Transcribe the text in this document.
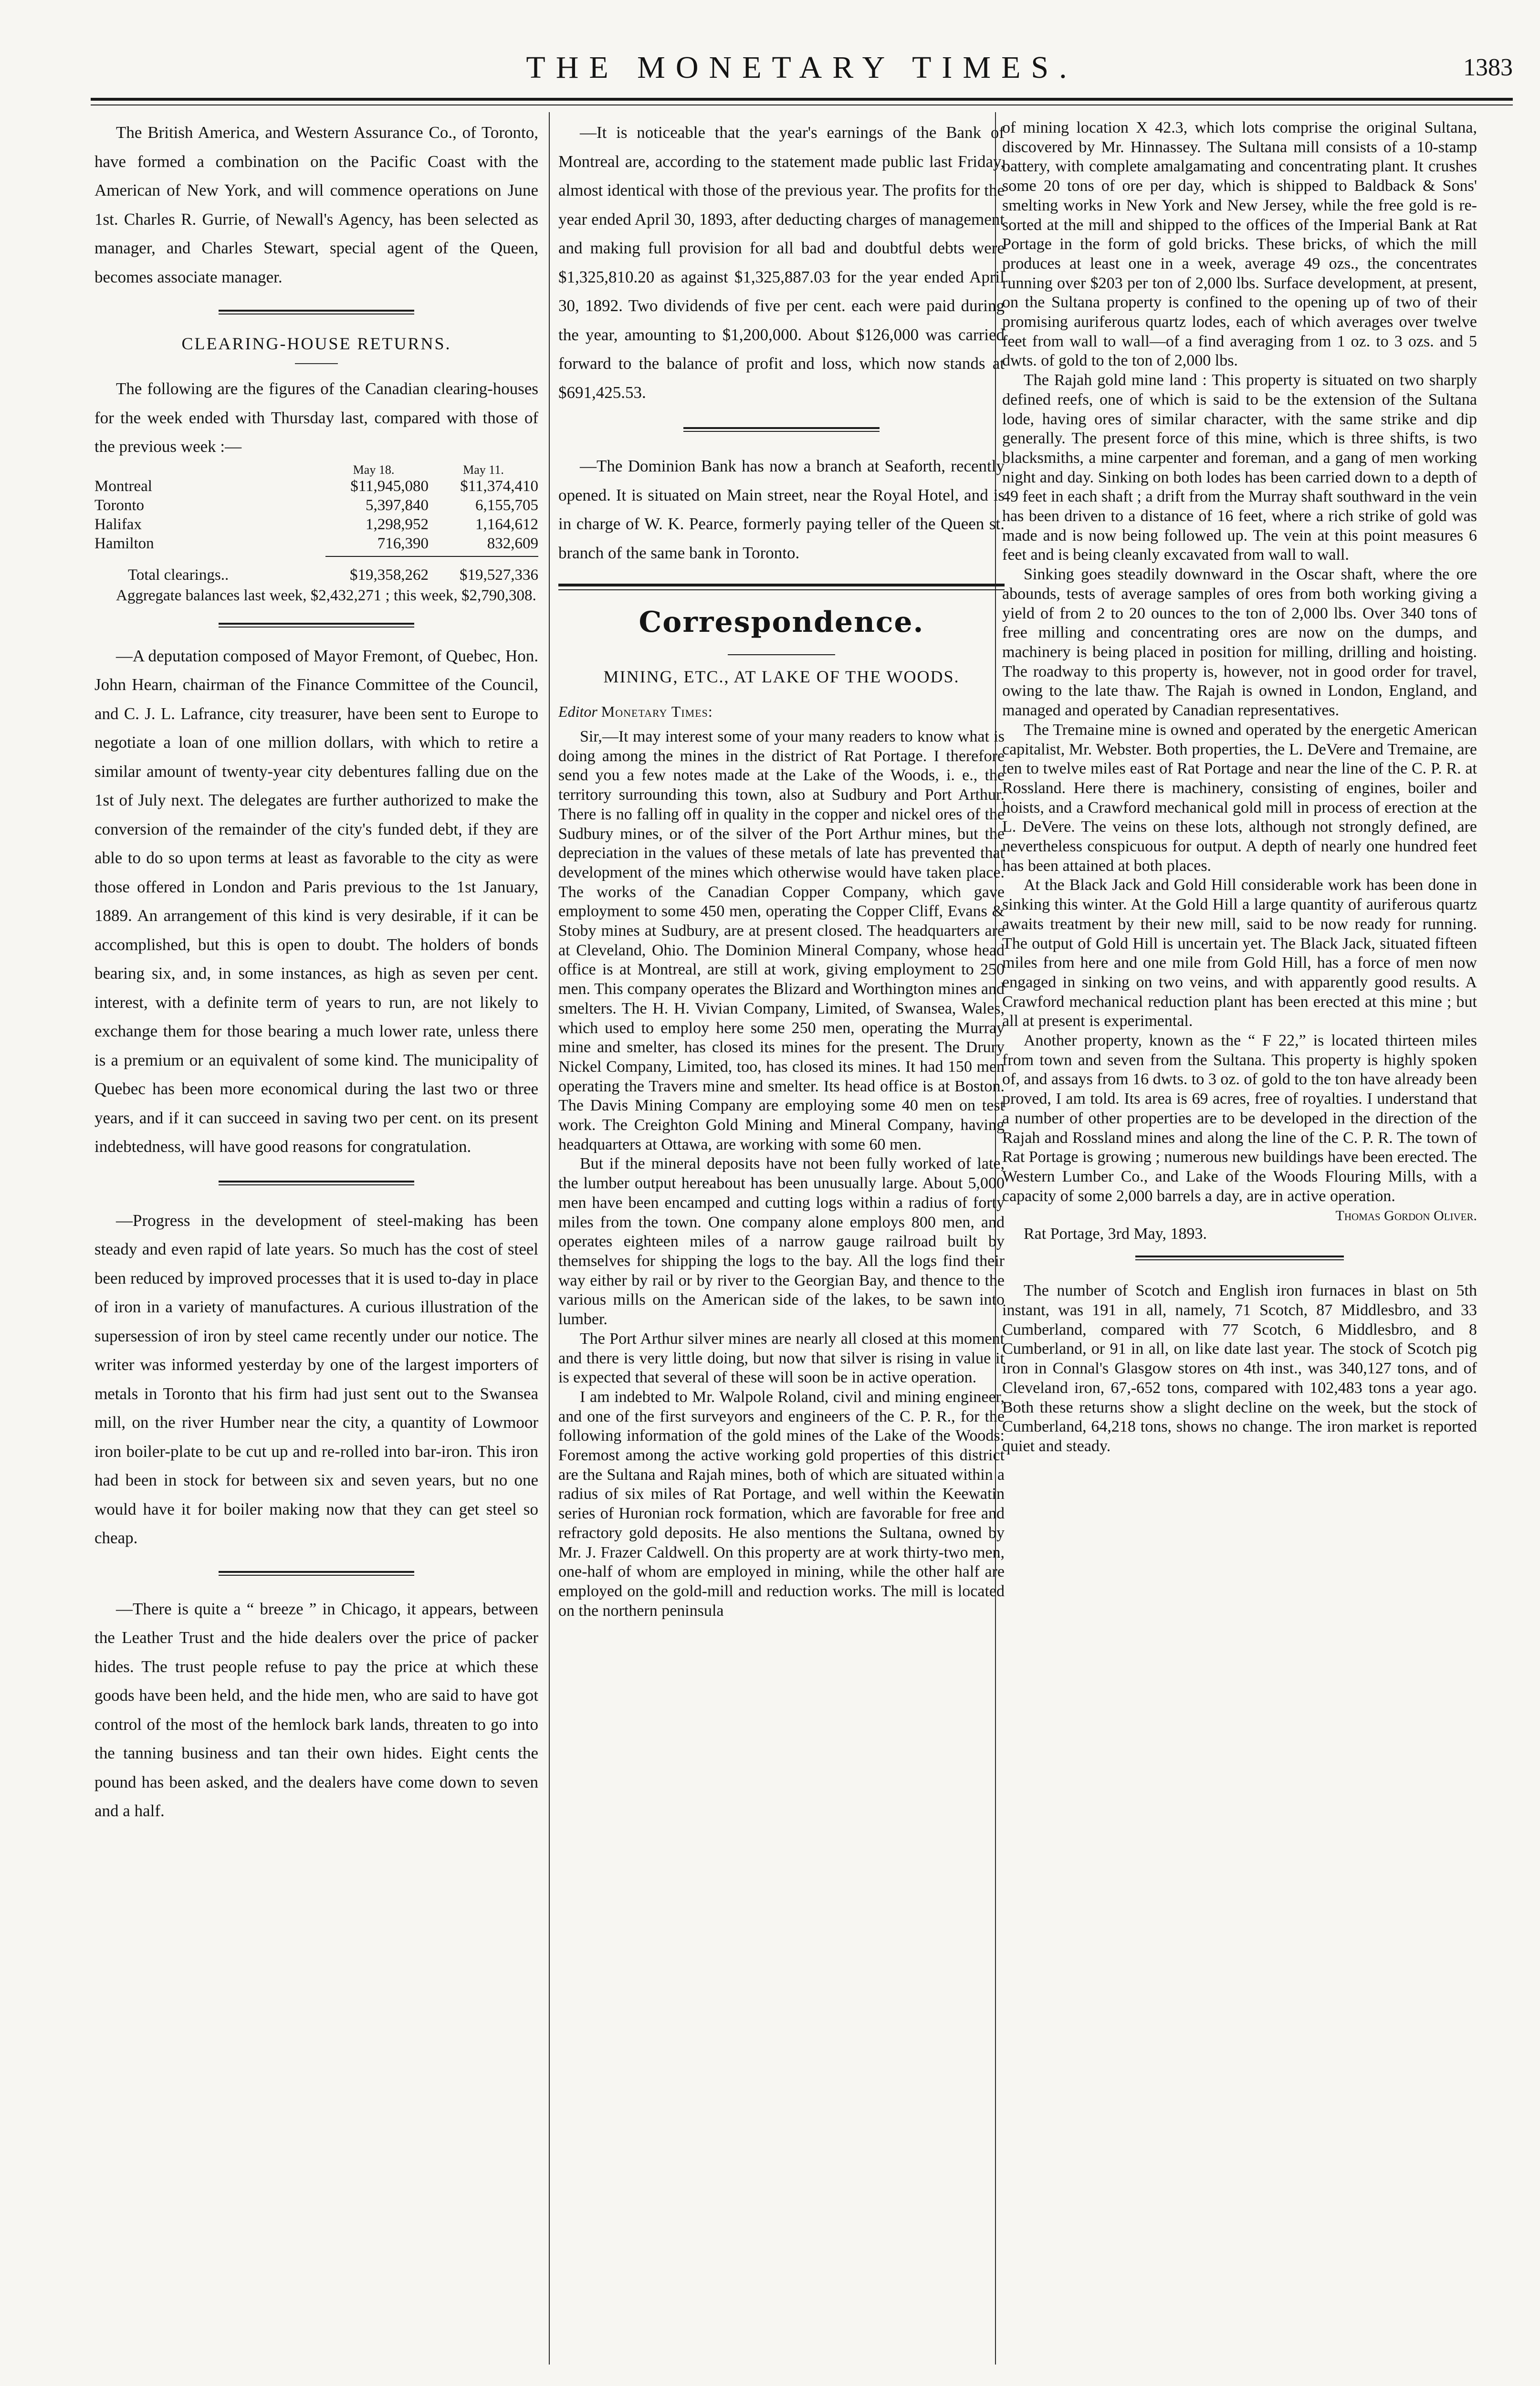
THE MONETARY TIMES.	1383

The British America, and Western Assurance Co., of Toronto, have formed a combination on the Pacific Coast with the American of New York, and will commence operations on June 1st. Charles R. Gurrie, of Newall's Agency, has been selected as manager, and Charles Stewart, special agent of the Queen, becomes associate manager.

CLEARING-HOUSE RETURNS.

The following are the figures of the Canadian clearing-houses for the week ended with Thursday last, compared with those of the previous week :—

May 18.	May 11.
Montreal	$11,945,080	$11,374,410
Toronto	5,397,840	6,155,705
Halifax	1,298,952	1,164,612
Hamilton	716,390	832,609
Total clearings..	$19,358,262	$19,527,336
Aggregate balances last week, $2,432,271 ; this week, $2,790,308.

—A deputation composed of Mayor Fremont, of Quebec, Hon. John Hearn, chairman of the Finance Committee of the Council, and C. J. L. Lafrance, city treasurer, have been sent to Europe to negotiate a loan of one million dollars, with which to retire a similar amount of twenty-year city debentures falling due on the 1st of July next. The delegates are further authorized to make the conversion of the remainder of the city's funded debt, if they are able to do so upon terms at least as favorable to the city as were those offered in London and Paris previous to the 1st January, 1889. An arrangement of this kind is very desirable, if it can be accomplished, but this is open to doubt. The holders of bonds bearing six, and, in some instances, as high as seven per cent. interest, with a definite term of years to run, are not likely to exchange them for those bearing a much lower rate, unless there is a premium or an equivalent of some kind. The municipality of Quebec has been more economical during the last two or three years, and if it can succeed in saving two per cent. on its present indebtedness, will have good reasons for congratulation.

—Progress in the development of steel-making has been steady and even rapid of late years. So much has the cost of steel been reduced by improved processes that it is used to-day in place of iron in a variety of manufactures. A curious illustration of the supersession of iron by steel came recently under our notice. The writer was informed yesterday by one of the largest importers of metals in Toronto that his firm had just sent out to the Swansea mill, on the river Humber near the city, a quantity of Lowmoor iron boiler-plate to be cut up and re-rolled into bar-iron. This iron had been in stock for between six and seven years, but no one would have it for boiler making now that they can get steel so cheap.

—There is quite a “ breeze ” in Chicago, it appears, between the Leather Trust and the hide dealers over the price of packer hides. The trust people refuse to pay the price at which these goods have been held, and the hide men, who are said to have got control of the most of the hemlock bark lands, threaten to go into the tanning business and tan their own hides. Eight cents the pound has been asked, and the dealers have come down to seven and a half.

—It is noticeable that the year's earnings of the Bank of Montreal are, according to the statement made public last Friday, almost identical with those of the previous year. The profits for the year ended April 30, 1893, after deducting charges of management and making full provision for all bad and doubtful debts were $1,325,810.20 as against $1,325,887.03 for the year ended April 30, 1892. Two dividends of five per cent. each were paid during the year, amounting to $1,200,000. About $126,000 was carried forward to the balance of profit and loss, which now stands at $691,425.53.

—The Dominion Bank has now a branch at Seaforth, recently opened. It is situated on Main street, near the Royal Hotel, and is in charge of W. K. Pearce, formerly paying teller of the Queen st. branch of the same bank in Toronto.

Correspondence.
MINING, ETC., AT LAKE OF THE WOODS.
Editor Monetary Times:

Sir,—It may interest some of your many readers to know what is doing among the mines in the district of Rat Portage. I therefore send you a few notes made at the Lake of the Woods, i. e., the territory surrounding this town, also at Sudbury and Port Arthur. There is no falling off in quality in the copper and nickel ores of the Sudbury mines, or of the silver of the Port Arthur mines, but the depreciation in the values of these metals of late has prevented that development of the mines which otherwise would have taken place. The works of the Canadian Copper Company, which gave employment to some 450 men, operating the Copper Cliff, Evans & Stoby mines at Sudbury, are at present closed. The headquarters are at Cleveland, Ohio. The Dominion Mineral Company, whose head office is at Montreal, are still at work, giving employment to 250 men. This company operates the Blizard and Worthington mines and smelters. The H. H. Vivian Company, Limited, of Swansea, Wales, which used to employ here some 250 men, operating the Murray mine and smelter, has closed its mines for the present. The Drury Nickel Company, Limited, too, has closed its mines. It had 150 men operating the Travers mine and smelter. Its head office is at Boston. The Davis Mining Company are employing some 40 men on test work. The Creighton Gold Mining and Mineral Company, having headquarters at Ottawa, are working with some 60 men.

But if the mineral deposits have not been fully worked of late, the lumber output hereabout has been unusually large. About 5,000 men have been encamped and cutting logs within a radius of forty miles from the town. One company alone employs 800 men, and operates eighteen miles of a narrow gauge railroad built by themselves for shipping the logs to the bay. All the logs find their way either by rail or by river to the Georgian Bay, and thence to the various mills on the American side of the lakes, to be sawn into lumber.

The Port Arthur silver mines are nearly all closed at this moment and there is very little doing, but now that silver is rising in value it is expected that several of these will soon be in active operation.

I am indebted to Mr. Walpole Roland, civil and mining engineer, and one of the first surveyors and engineers of the C. P. R., for the following information of the gold mines of the Lake of the Woods: Foremost among the active working gold properties of this district are the Sultana and Rajah mines, both of which are situated within a radius of six miles of Rat Portage, and well within the Keewatin series of Huronian rock formation, which are favorable for free and refractory gold deposits. He also mentions the Sultana, owned by Mr. J. Frazer Caldwell. On this property are at work thirty-two men, one-half of whom are employed in mining, while the other half are employed on the gold-mill and reduction works. The mill is located on the northern peninsula

of mining location X 42.3, which lots comprise the original Sultana, discovered by Mr. Hinnassey. The Sultana mill consists of a 10-stamp battery, with complete amalgamating and concentrating plant. It crushes some 20 tons of ore per day, which is shipped to Baldback & Sons' smelting works in New York and New Jersey, while the free gold is re-sorted at the mill and shipped to the offices of the Imperial Bank at Rat Portage in the form of gold bricks. These bricks, of which the mill produces at least one in a week, average 49 ozs., the concentrates running over $203 per ton of 2,000 lbs. Surface development, at present, on the Sultana property is confined to the opening up of two of their promising auriferous quartz lodes, each of which averages over twelve feet from wall to wall—of a find averaging from 1 oz. to 3 ozs. and 5 dwts. of gold to the ton of 2,000 lbs.

The Rajah gold mine land : This property is situated on two sharply defined reefs, one of which is said to be the extension of the Sultana lode, having ores of similar character, with the same strike and dip generally. The present force of this mine, which is three shifts, is two blacksmiths, a mine carpenter and foreman, and a gang of men working night and day. Sinking on both lodes has been carried down to a depth of 49 feet in each shaft ; a drift from the Murray shaft southward in the vein has been driven to a distance of 16 feet, where a rich strike of gold was made and is now being followed up. The vein at this point measures 6 feet and is being cleanly excavated from wall to wall.

Sinking goes steadily downward in the Oscar shaft, where the ore abounds, tests of average samples of ores from both working giving a yield of from 2 to 20 ounces to the ton of 2,000 lbs. Over 340 tons of free milling and concentrating ores are now on the dumps, and machinery is being placed in position for milling, drilling and hoisting. The roadway to this property is, however, not in good order for travel, owing to the late thaw. The Rajah is owned in London, England, and managed and operated by Canadian representatives.

The Tremaine mine is owned and operated by the energetic American capitalist, Mr. Webster. Both properties, the L. DeVere and Tremaine, are ten to twelve miles east of Rat Portage and near the line of the C. P. R. at Rossland. Here there is machinery, consisting of engines, boiler and hoists, and a Crawford mechanical gold mill in process of erection at the L. DeVere. The veins on these lots, although not strongly defined, are nevertheless conspicuous for output. A depth of nearly one hundred feet has been attained at both places.

At the Black Jack and Gold Hill considerable work has been done in sinking this winter. At the Gold Hill a large quantity of auriferous quartz awaits treatment by their new mill, said to be now ready for running. The output of Gold Hill is uncertain yet. The Black Jack, situated fifteen miles from here and one mile from Gold Hill, has a force of men now engaged in sinking on two veins, and with apparently good results. A Crawford mechanical reduction plant has been erected at this mine ; but all at present is experimental.

Another property, known as the “ F 22,” is located thirteen miles from town and seven from the Sultana. This property is highly spoken of, and assays from 16 dwts. to 3 oz. of gold to the ton have already been proved, I am told. Its area is 69 acres, free of royalties. I understand that a number of other properties are to be developed in the direction of the Rajah and Rossland mines and along the line of the C. P. R. The town of Rat Portage is growing ; numerous new buildings have been erected. The Western Lumber Co., and Lake of the Woods Flouring Mills, with a capacity of some 2,000 barrels a day, are in active operation.

Thomas Gordon Oliver.
Rat Portage, 3rd May, 1893.

The number of Scotch and English iron furnaces in blast on 5th instant, was 191 in all, namely, 71 Scotch, 87 Middlesbro, and 33 Cumberland, compared with 77 Scotch, 6 Middlesbro, and 8 Cumberland, or 91 in all, on like date last year. The stock of Scotch pig iron in Connal's Glasgow stores on 4th inst., was 340,127 tons, and of Cleveland iron, 67,-652 tons, compared with 102,483 tons a year ago. Both these returns show a slight decline on the week, but the stock of Cumberland, 64,218 tons, shows no change. The iron market is reported quiet and steady.
